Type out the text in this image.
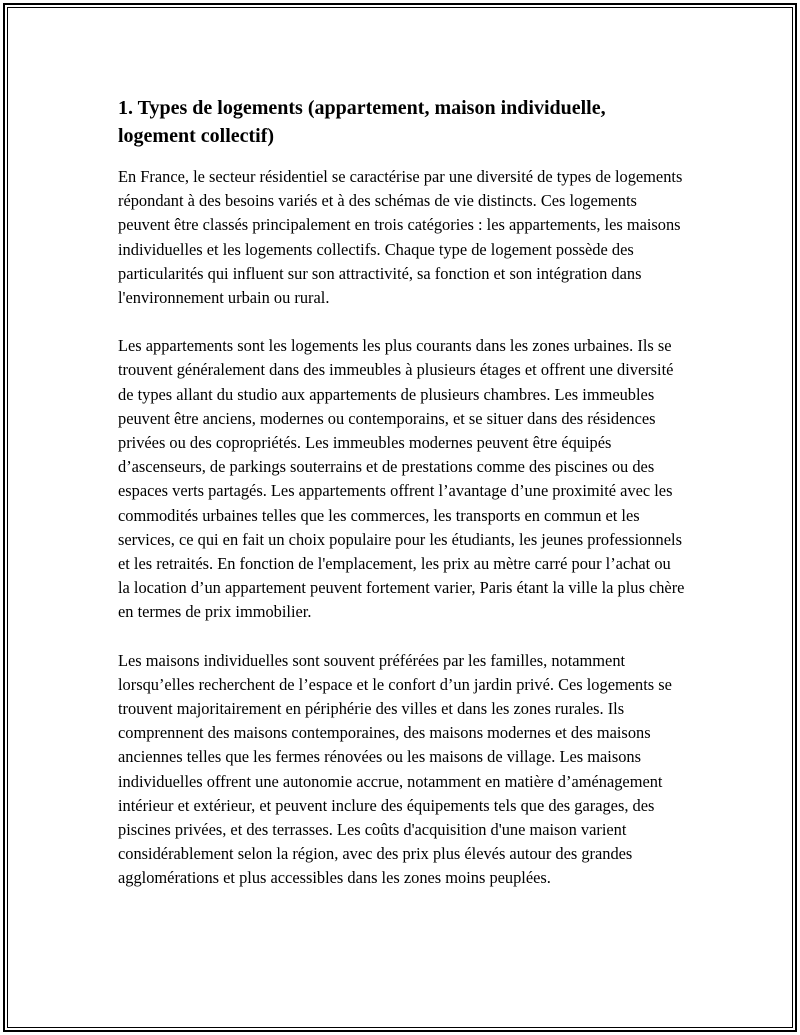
1. Types de logements (appartement, maison individuelle, logement collectif)

En France, le secteur résidentiel se caractérise par une diversité de types de logements répondant à des besoins variés et à des schémas de vie distincts. Ces logements peuvent être classés principalement en trois catégories : les appartements, les maisons individuelles et les logements collectifs. Chaque type de logement possède des particularités qui influent sur son attractivité, sa fonction et son intégration dans l'environnement urbain ou rural.

Les appartements sont les logements les plus courants dans les zones urbaines. Ils se trouvent généralement dans des immeubles à plusieurs étages et offrent une diversité de types allant du studio aux appartements de plusieurs chambres. Les immeubles peuvent être anciens, modernes ou contemporains, et se situer dans des résidences privées ou des copropriétés. Les immeubles modernes peuvent être équipés d’ascenseurs, de parkings souterrains et de prestations comme des piscines ou des espaces verts partagés. Les appartements offrent l’avantage d’une proximité avec les commodités urbaines telles que les commerces, les transports en commun et les services, ce qui en fait un choix populaire pour les étudiants, les jeunes professionnels et les retraités. En fonction de l'emplacement, les prix au mètre carré pour l’achat ou la location d’un appartement peuvent fortement varier, Paris étant la ville la plus chère en termes de prix immobilier.

Les maisons individuelles sont souvent préférées par les familles, notamment lorsqu’elles recherchent de l’espace et le confort d’un jardin privé. Ces logements se trouvent majoritairement en périphérie des villes et dans les zones rurales. Ils comprennent des maisons contemporaines, des maisons modernes et des maisons anciennes telles que les fermes rénovées ou les maisons de village. Les maisons individuelles offrent une autonomie accrue, notamment en matière d’aménagement intérieur et extérieur, et peuvent inclure des équipements tels que des garages, des piscines privées, et des terrasses. Les coûts d'acquisition d'une maison varient considérablement selon la région, avec des prix plus élevés autour des grandes agglomérations et plus accessibles dans les zones moins peuplées.
